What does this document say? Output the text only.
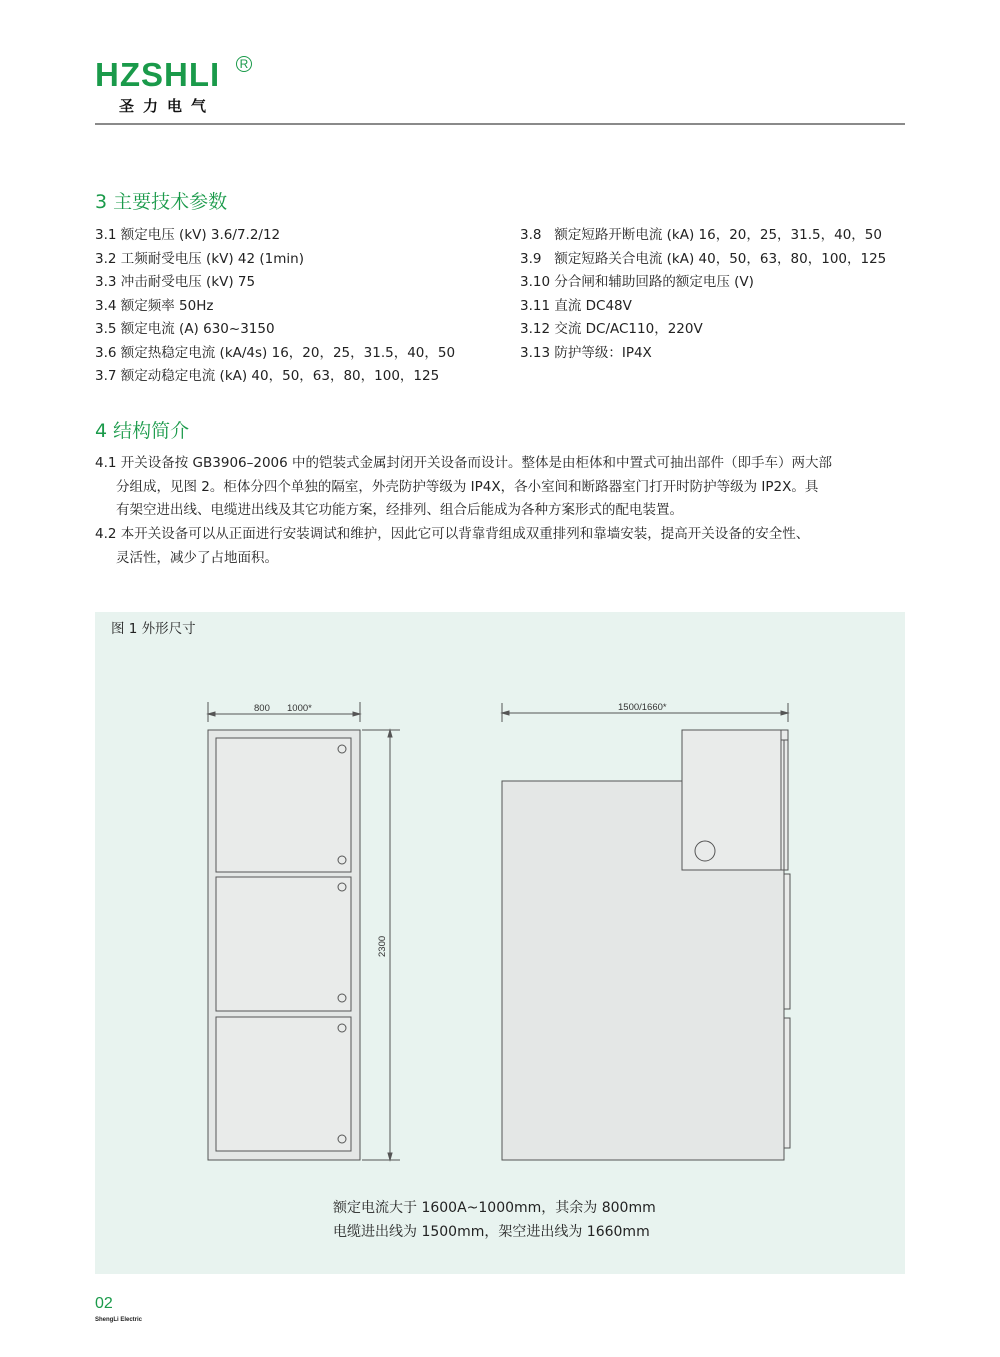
HZSHLI	R
圣力电气
3 主要技术参数
3.1 额定电压 (kV) 3.6/7.2/12
3.2 工频耐受电压 (kV) 42 (1min)
3.3 冲击耐受电压 (kV) 75
3.4 额定频率 50Hz
3.5 额定电流 (A) 630~3150
3.6 额定热稳定电流 (kA/4s) 16，20，25，31.5，40，50
3.7 额定动稳定电流 (kA) 40，50，63，80，100，125
3.8   额定短路开断电流 (kA) 16，20，25，31.5，40，50
3.9   额定短路关合电流 (kA) 40，50，63，80，100，125
3.10 分合闸和辅助回路的额定电压 (V)
3.11 直流 DC48V
3.12 交流 DC/AC110，220V
3.13 防护等级：IP4X
4 结构简介
4.1 开关设备按 GB3906–2006 中的铠装式金属封闭开关设备而设计。整体是由柜体和中置式可抽出部件（即手车）两大部
分组成，见图 2。柜体分四个单独的隔室，外壳防护等级为 IP4X，各小室间和断路器室门打开时防护等级为 IP2X。具
有架空进出线、电缆进出线及其它功能方案，经排列、组合后能成为各种方案形式的配电装置。
4.2 本开关设备可以从正面进行安装调试和维护，因此它可以背靠背组成双重排列和靠墙安装，提高开关设备的安全性、
灵活性，减少了占地面积。
图 1 外形尺寸
800 1000*
2300
1500/1660*
额定电流大于 1600A~1000mm，其余为 800mm
电缆进出线为 1500mm，架空进出线为 1660mm
02
ShengLi Electric
